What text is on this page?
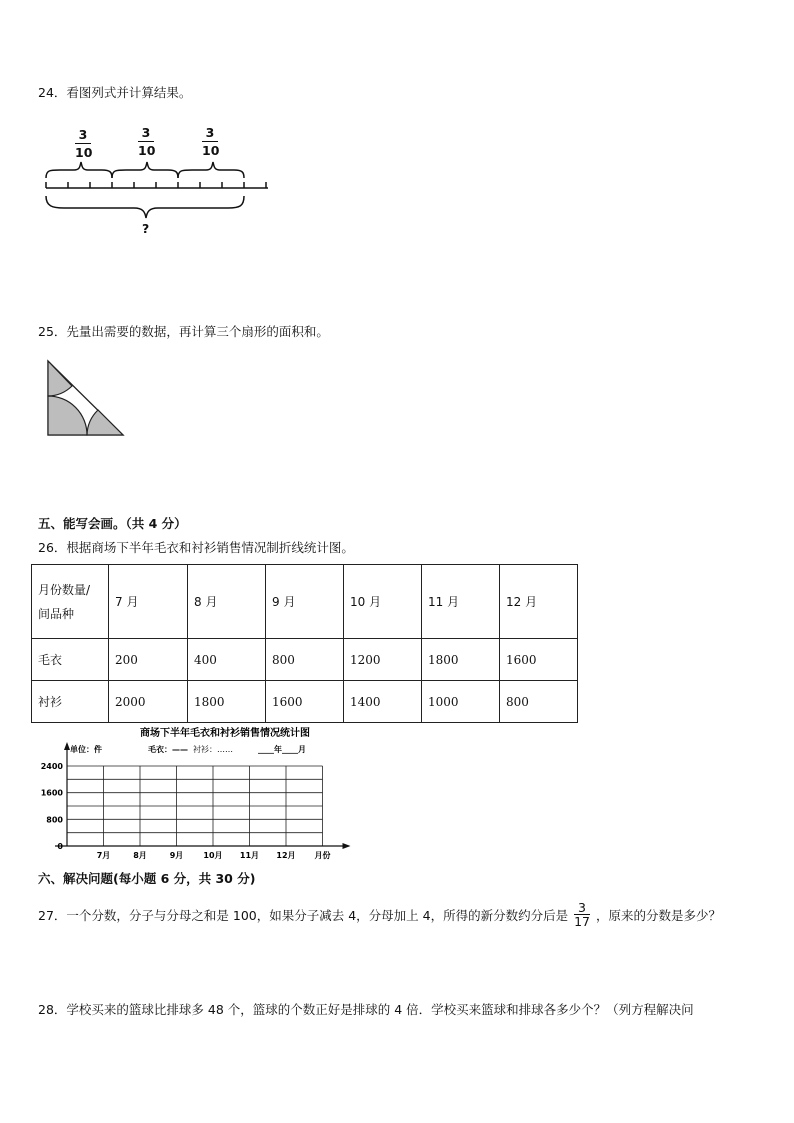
24．看图列式并计算结果。
3
10
3
10
3
10
?
25．先量出需要的数据，再计算三个扇形的面积和。
五、能写会画。（共 4 分）
26．根据商场下半年毛衣和衬衫销售情况制折线统计图。
月份数量/
间品种	7 月	8 月	9 月	10 月	11 月	12 月
毛衣	200	400	800	1200	1800	1600
衬衫	2000	1800	1600	1400	1000	800
商场下半年毛衣和衬衫销售情况统计图
单位：件	毛衣：—— 衬衫：……	____年____月
0
800
1600
2400
7月	8月	9月	10月 11月 12月 月份
六、解决问题(每小题 6 分，共 30 分)
27．一个分数，分子与分母之和是 100，如果分子减去 4，分母加上 4，所得的新分数约分后是 $\frac{3}{17}$ ，原来的分数是多少？
28．学校买来的篮球比排球多 48 个，篮球的个数正好是排球的 4 倍．学校买来篮球和排球各多少个？（列方程解决问
